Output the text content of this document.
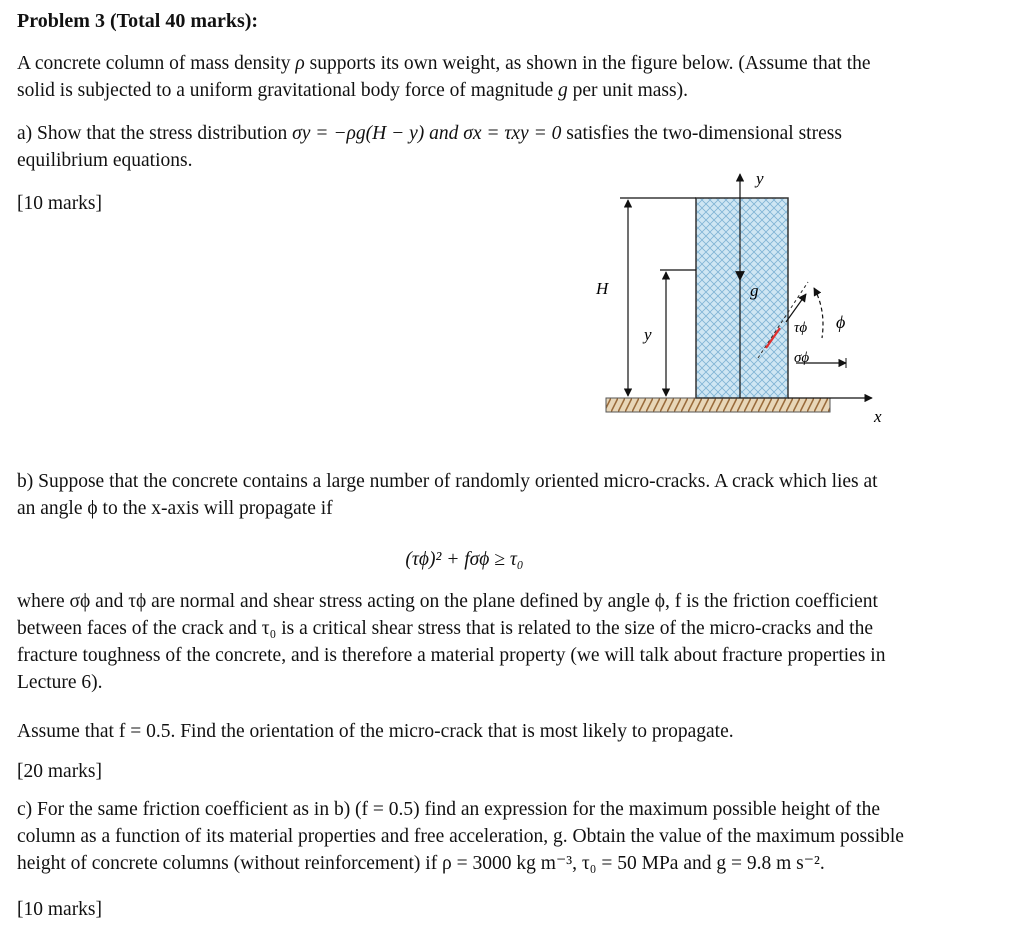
Problem 3 (Total 40 marks):
A concrete column of mass density ρ supports its own weight, as shown in the figure below. (Assume that the
solid is subjected to a uniform gravitational body force of magnitude g per unit mass).
a) Show that the stress distribution σy = −ρg(H − y) and σx = τxy = 0 satisfies the two-dimensional stress
equilibrium equations.
[10 marks]
y
x
H
y
g
τϕ
σϕ
ϕ
b) Suppose that the concrete contains a large number of randomly oriented micro-cracks. A crack which lies at
an angle ϕ to the x-axis will propagate if
(τϕ)² + fσϕ ≥ τ₀
where σϕ and τϕ are normal and shear stress acting on the plane defined by angle ϕ, f is the friction coefficient
between faces of the crack and τ₀ is a critical shear stress that is related to the size of the micro-cracks and the
fracture toughness of the concrete, and is therefore a material property (we will talk about fracture properties in
Lecture 6).
Assume that f = 0.5. Find the orientation of the micro-crack that is most likely to propagate.
[20 marks]
c) For the same friction coefficient as in b) (f = 0.5) find an expression for the maximum possible height of the
column as a function of its material properties and free acceleration, g. Obtain the value of the maximum possible
height of concrete columns (without reinforcement) if ρ = 3000 kg m⁻³, τ₀ = 50 MPa and g = 9.8 m s⁻².
[10 marks]
